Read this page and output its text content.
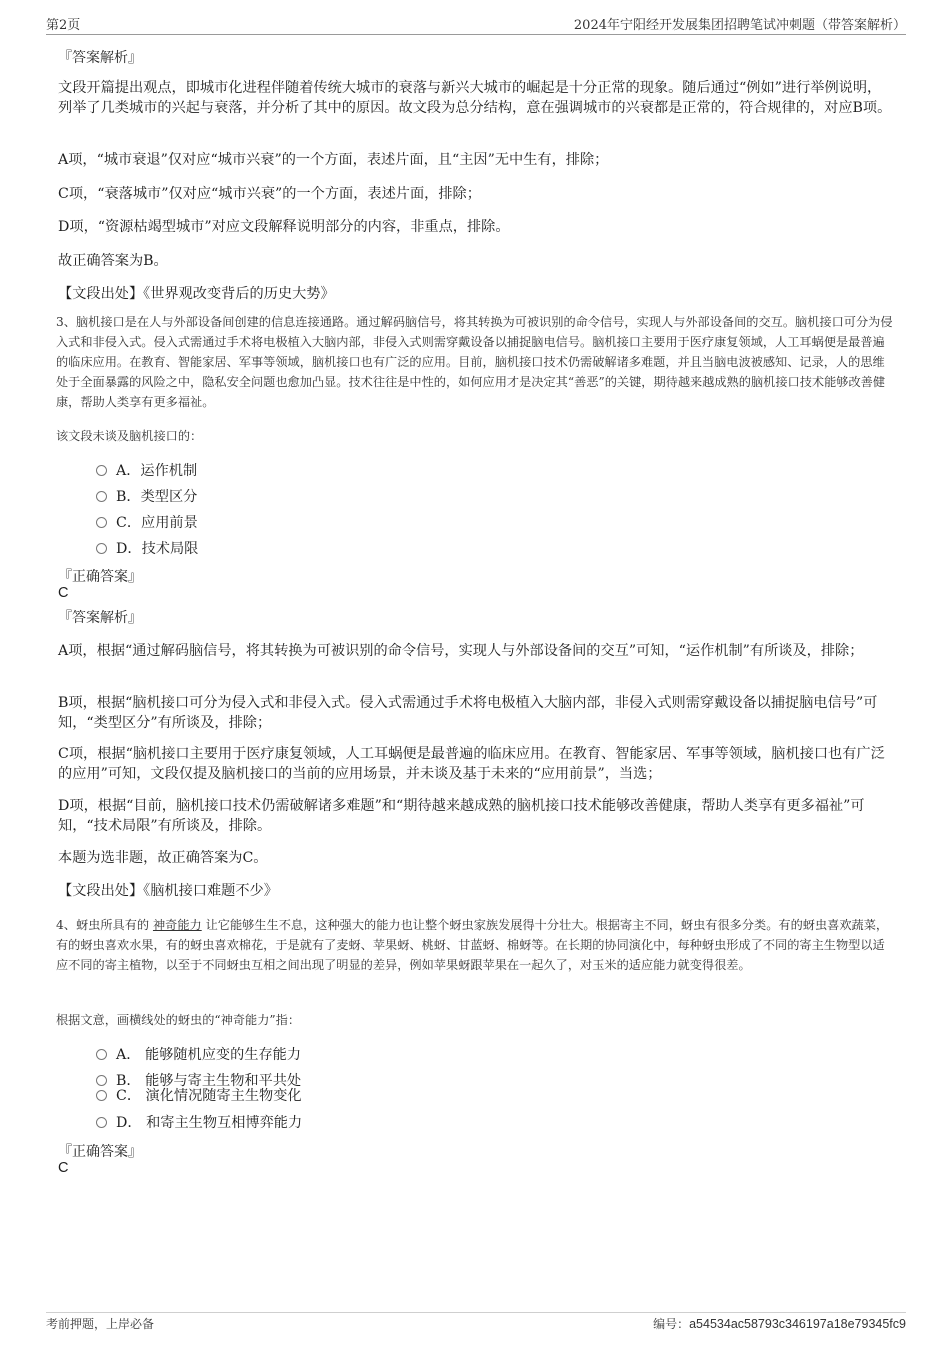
第2页	2024年宁阳经开发展集团招聘笔试冲刺题（带答案解析）
『答案解析』

文段开篇提出观点，即城市化进程伴随着传统大城市的衰落与新兴大城市的崛起是十分正常的现象。随后通过“例如”进行举例说明，列举了几类城市的兴起与衰落，并分析了其中的原因。故文段为总分结构，意在强调城市的兴衰都是正常的，符合规律的，对应B项。

A项，“城市衰退”仅对应“城市兴衰”的一个方面，表述片面，且“主因”无中生有，排除；

C项，“衰落城市”仅对应“城市兴衰”的一个方面，表述片面，排除；

D项，“资源枯竭型城市”对应文段解释说明部分的内容，非重点，排除。

故正确答案为B。

【文段出处】《世界观改变背后的历史大势》

3、脑机接口是在人与外部设备间创建的信息连接通路。通过解码脑信号，将其转换为可被识别的命令信号，实现人与外部设备间的交互。脑机接口可分为侵入式和非侵入式。侵入式需通过手术将电极植入大脑内部，非侵入式则需穿戴设备以捕捉脑电信号。脑机接口主要用于医疗康复领域，人工耳蜗便是最普遍的临床应用。在教育、智能家居、军事等领域，脑机接口也有广泛的应用。目前，脑机接口技术仍需破解诸多难题，并且当脑电波被感知、记录，人的思维处于全面暴露的风险之中，隐私安全问题也愈加凸显。技术往往是中性的，如何应用才是决定其“善恶”的关键，期待越来越成熟的脑机接口技术能够改善健康，帮助人类享有更多福祉。

该文段未谈及脑机接口的：

A．运作机制
B．类型区分
C．应用前景
D．技术局限
『正确答案』
C
『答案解析』

A项，根据“通过解码脑信号，将其转换为可被识别的命令信号，实现人与外部设备间的交互”可知，“运作机制”有所谈及，排除；

B项，根据“脑机接口可分为侵入式和非侵入式。侵入式需通过手术将电极植入大脑内部，非侵入式则需穿戴设备以捕捉脑电信号”可知，“类型区分”有所谈及，排除；

C项，根据“脑机接口主要用于医疗康复领域，人工耳蜗便是最普遍的临床应用。在教育、智能家居、军事等领域，脑机接口也有广泛的应用”可知，文段仅提及脑机接口的当前的应用场景，并未谈及基于未来的“应用前景”，当选；

D项，根据“目前，脑机接口技术仍需破解诸多难题”和“期待越来越成熟的脑机接口技术能够改善健康，帮助人类享有更多福祉”可知，“技术局限”有所谈及，排除。

本题为选非题，故正确答案为C。

【文段出处】《脑机接口难题不少》

4、蚜虫所具有的 神奇能力 让它能够生生不息，这种强大的能力也让整个蚜虫家族发展得十分壮大。根据寄主不同，蚜虫有很多分类。有的蚜虫喜欢蔬菜，有的蚜虫喜欢水果，有的蚜虫喜欢棉花，于是就有了麦蚜、苹果蚜、桃蚜、甘蓝蚜、棉蚜等。在长期的协同演化中，每种蚜虫形成了不同的寄主生物型以适应不同的寄主植物，以至于不同蚜虫互相之间出现了明显的差异，例如苹果蚜跟苹果在一起久了，对玉米的适应能力就变得很差。

根据文意，画横线处的蚜虫的“神奇能力”指：

A． 能够随机应变的生存能力
B． 能够与寄主生物和平共处
C． 演化情况随寄主生物变化
D． 和寄主生物互相博弈能力
『正确答案』
C
考前押题，上岸必备	编号：a54534ac58793c346197a18e79345fc9
